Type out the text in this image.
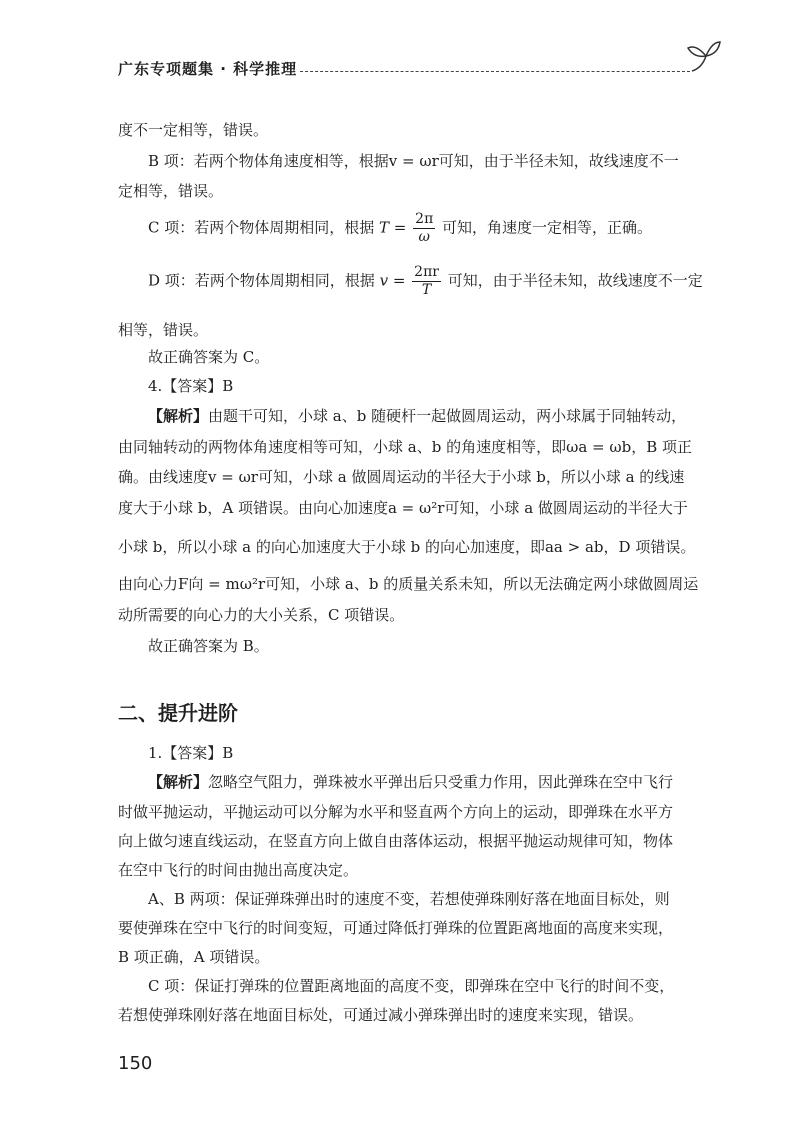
广东专项题集 · 科学推理
度不一定相等，错误。
B 项：若两个物体角速度相等，根据v = ωr可知，由于半径未知，故线速度不一
定相等，错误。
C 项：若两个物体周期相同，根据 $T = \frac{2\pi}{\omega}$ 可知，角速度一定相等，正确。
D 项：若两个物体周期相同，根据 $v = \frac{2\pi r}{T}$ 可知，由于半径未知，故线速度不一定
相等，错误。
故正确答案为 C。
4.【答案】B
【解析】由题干可知，小球 a、b 随硬杆一起做圆周运动，两小球属于同轴转动，
由同轴转动的两物体角速度相等可知，小球 a、b 的角速度相等，即ωa = ωb，B 项正
确。由线速度v = ωr可知，小球 a 做圆周运动的半径大于小球 b，所以小球 a 的线速
度大于小球 b，A 项错误。由向心加速度a = ω²r可知，小球 a 做圆周运动的半径大于
小球 b，所以小球 a 的向心加速度大于小球 b 的向心加速度，即aa > ab，D 项错误。
由向心力F向 = mω²r可知，小球 a、b 的质量关系未知，所以无法确定两小球做圆周运
动所需要的向心力的大小关系，C 项错误。
故正确答案为 B。
二、提升进阶
1.【答案】B
【解析】忽略空气阻力，弹珠被水平弹出后只受重力作用，因此弹珠在空中飞行
时做平抛运动，平抛运动可以分解为水平和竖直两个方向上的运动，即弹珠在水平方
向上做匀速直线运动，在竖直方向上做自由落体运动，根据平抛运动规律可知，物体
在空中飞行的时间由抛出高度决定。
A、B 两项：保证弹珠弹出时的速度不变，若想使弹珠刚好落在地面目标处，则
要使弹珠在空中飞行的时间变短，可通过降低打弹珠的位置距离地面的高度来实现，
B 项正确，A 项错误。
C 项：保证打弹珠的位置距离地面的高度不变，即弹珠在空中飞行的时间不变，
若想使弹珠刚好落在地面目标处，可通过减小弹珠弹出时的速度来实现，错误。
150
